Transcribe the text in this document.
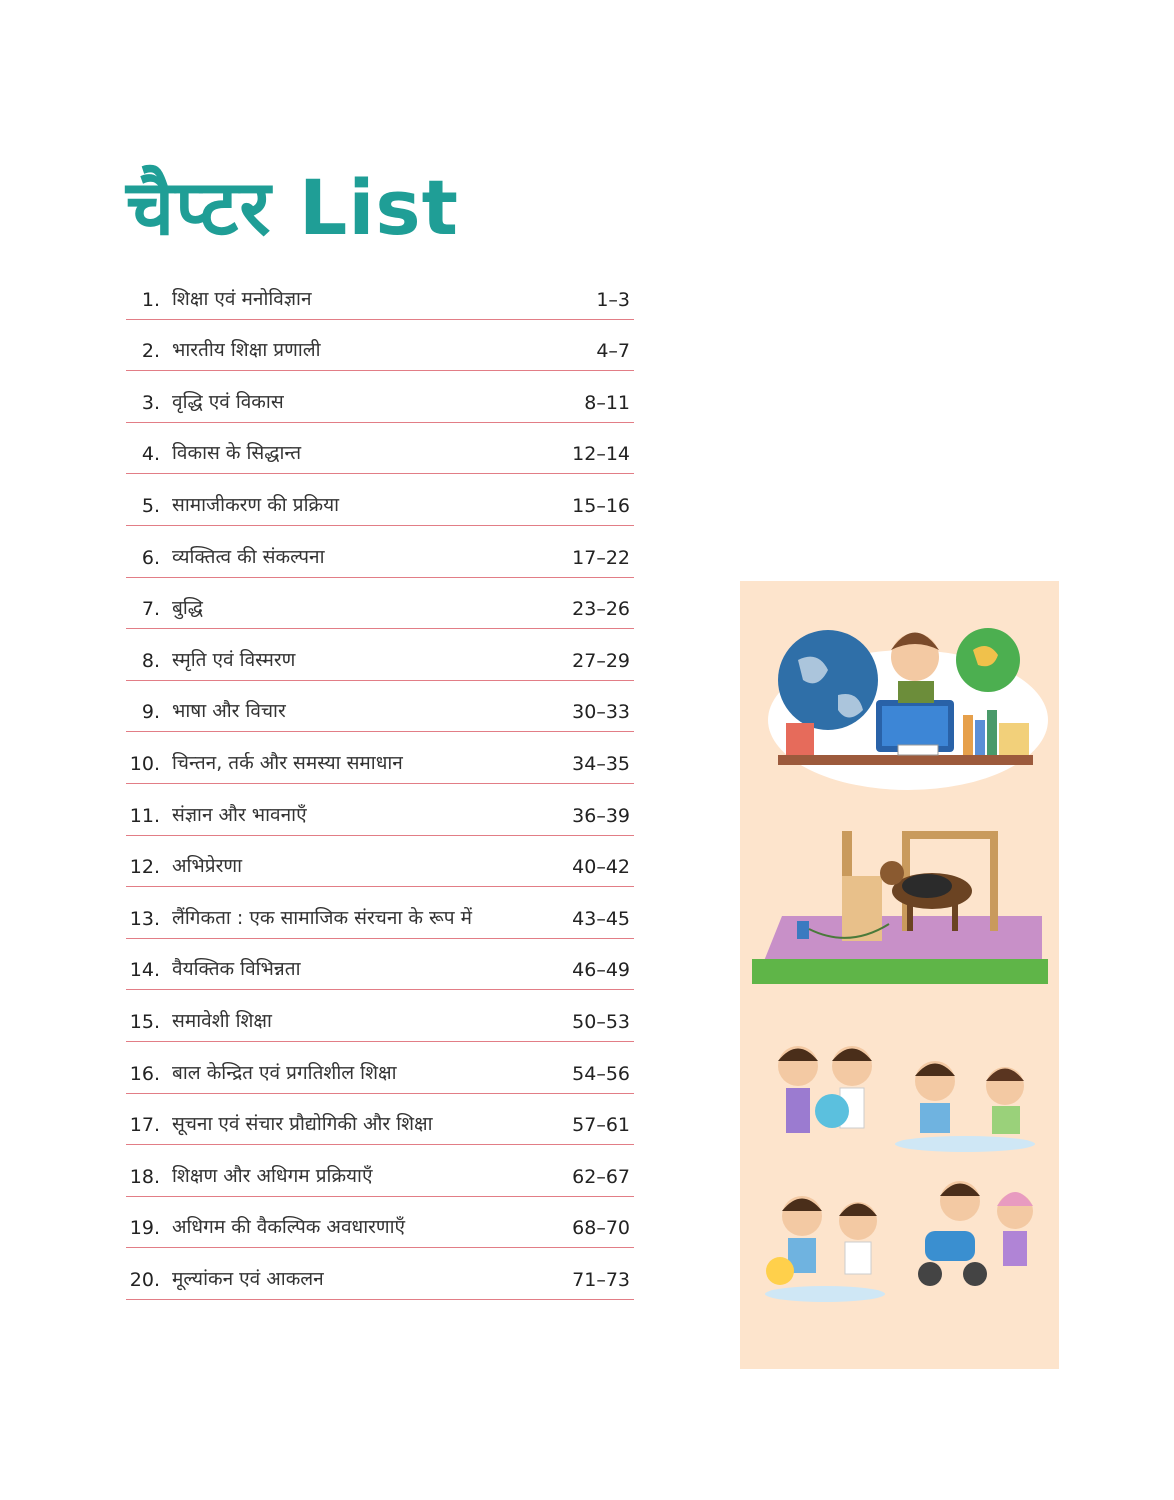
चैप्टर List
1. शिक्षा एवं मनोविज्ञान	1–3
2. भारतीय शिक्षा प्रणाली	4–7
3. वृद्धि एवं विकास	8–11
4. विकास के सिद्धान्त	12–14
5. सामाजीकरण की प्रक्रिया	15–16
6. व्यक्तित्व की संकल्पना	17–22
7. बुद्धि	23–26
8. स्मृति एवं विस्मरण	27–29
9. भाषा और विचार	30–33
10. चिन्तन, तर्क और समस्या समाधान	34–35
11. संज्ञान और भावनाएँ	36–39
12. अभिप्रेरणा	40–42
13. लैंगिकता : एक सामाजिक संरचना के रूप में	43–45
14. वैयक्तिक विभिन्नता	46–49
15. समावेशी शिक्षा	50–53
16. बाल केन्द्रित एवं प्रगतिशील शिक्षा	54–56
17. सूचना एवं संचार प्रौद्योगिकी और शिक्षा	57–61
18. शिक्षण और अधिगम प्रक्रियाएँ	62–67
19. अधिगम की वैकल्पिक अवधारणाएँ	68–70
20. मूल्यांकन एवं आकलन	71–73
